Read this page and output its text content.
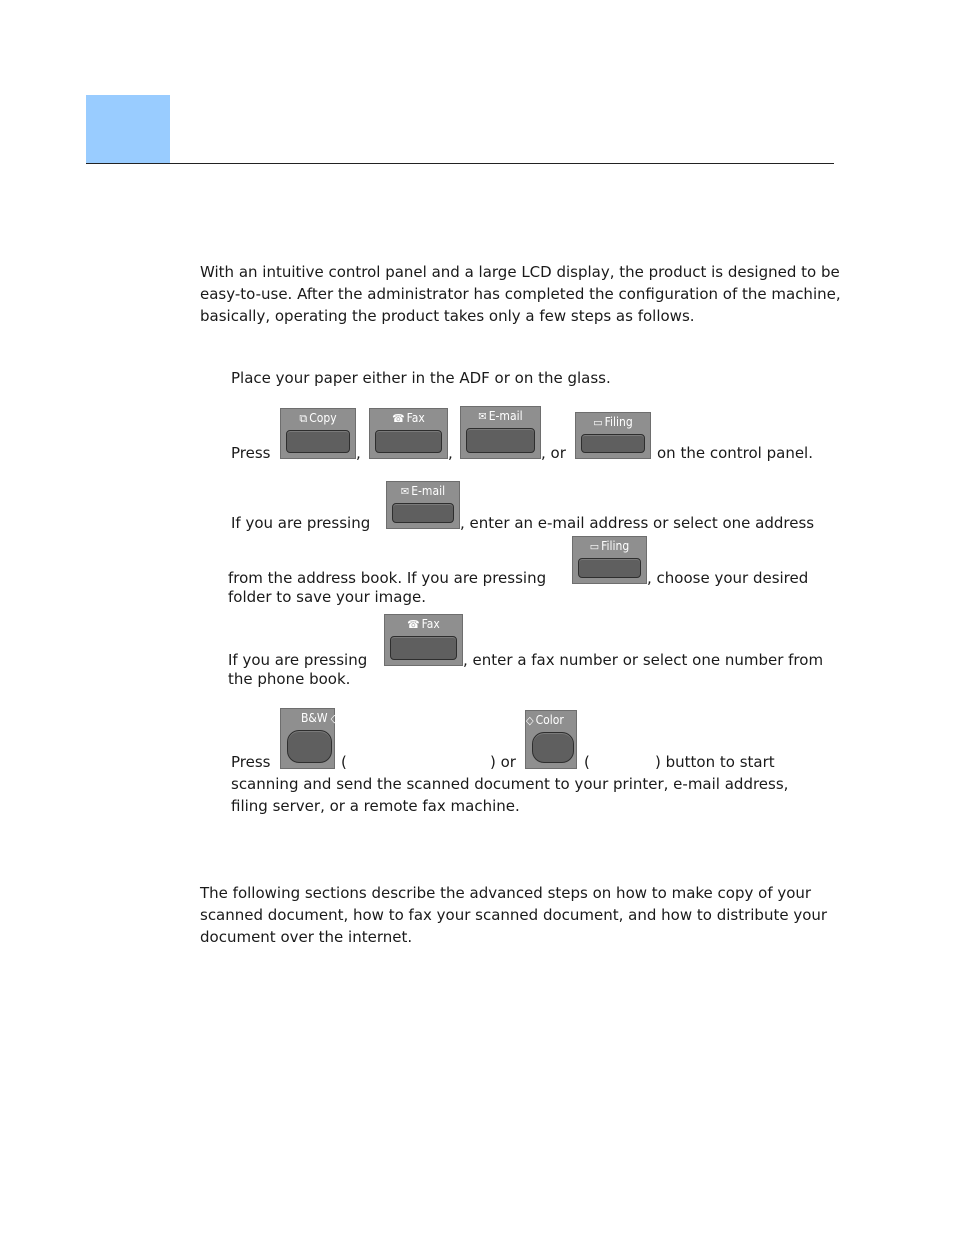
With an intuitive control panel and a large LCD display, the product is designed to be easy-to-use. After the administrator has completed the configuration of the machine, basically, operating the product takes only a few steps as follows.

Place your paper either in the ADF or on the glass.
Press
⧉ Copy
,
☎ Fax
,
✉ E-mail
, or
▭ Filing
on the control panel.
If you are pressing
✉ E-mail
, enter an e-mail address or select one address
from the address book. If you are pressing
▭ Filing
, choose your desired
folder to save your image.
If you are pressing
☎ Fax
, enter a fax number or select one number from
the phone book.
Press
B&W ◇
(	) or
◇ Color
(	) button to start
scanning and send the scanned document to your printer, e-mail address,
filing server, or a remote fax machine.

The following sections describe the advanced steps on how to make copy of your scanned document, how to fax your scanned document, and how to distribute your document over the internet.
